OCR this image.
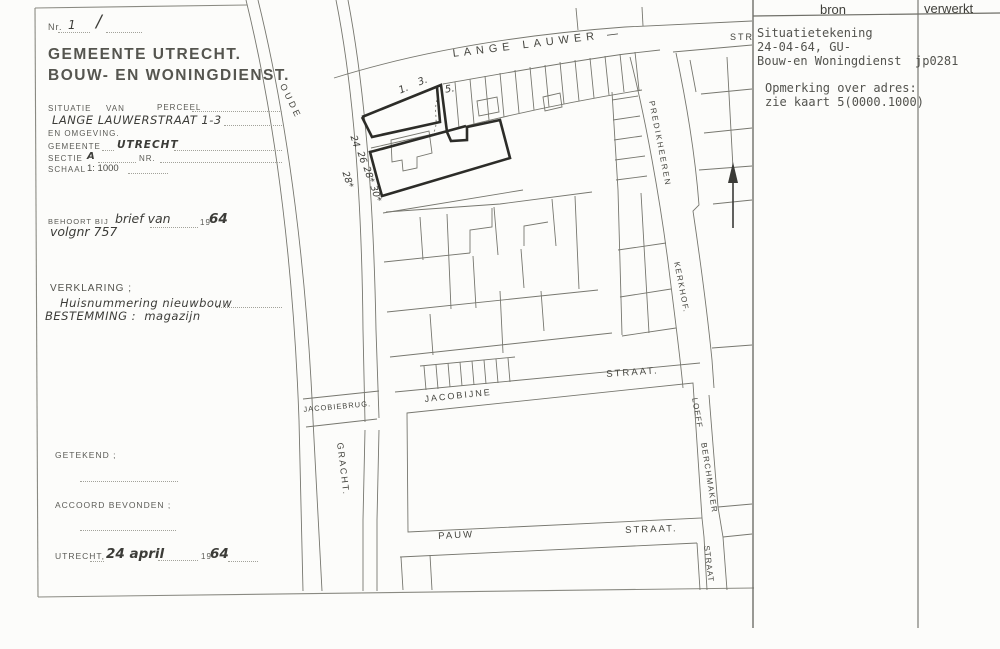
Nr. 1 /
GEMEENTE UTRECHT.
BOUW- EN WONINGDIENST.
SITUATIE VAN	PERCEEL
LANGE LAUWERSTRAAT 1-3
EN OMGEVING.
GEMEENTE UTRECHT
SECTIE A	NR.
SCHAAL 1: 1000
BEHOORT BIJ brief van	19
64
volgnr 757
VERKLARING ;
Huisnummering nieuwbouw
BESTEMMING : magazijn
GETEKEND ;
ACCOORD BEVONDEN ;
UTRECHT, 24 april	19
64
LANGE LAUWER —	STR
OUDE
JACOBIEBRUG.
GRACHT.
PREDIKHEEREN
KERKHOF.
JACOBIJNE
STRAAT.
PAUW	STRAAT.
LOEFF
BERCHMAKER
STRAAT
1.
3.
5.
24
26
28*
28*
30*
bron	verwerkt
Situatietekening
24-04-64, GU-
Bouw-en Woningdienst jp0281
Opmerking over adres:
zie kaart 5(0000.1000)
